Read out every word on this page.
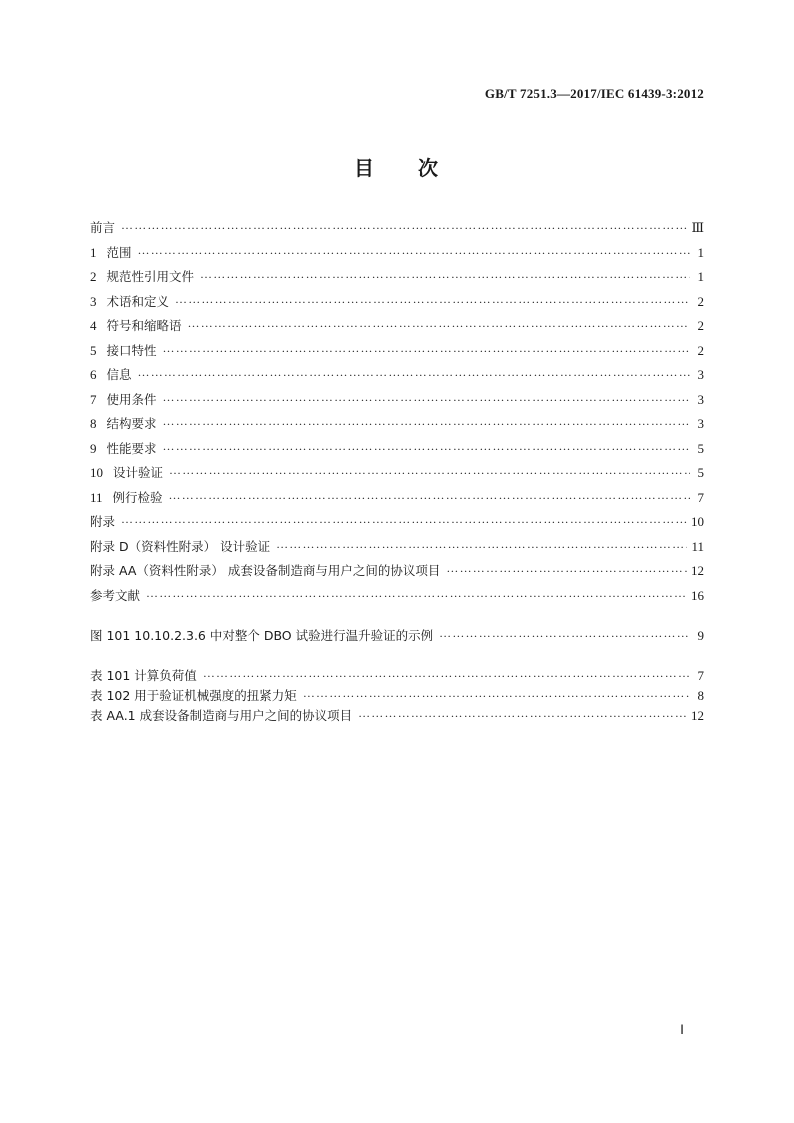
GB/T 7251.3—2017/IEC 61439-3:2012
目 次
前言 …………………………………………………………………………………………………………………………………………………………………………………………………	Ⅲ
1 范围 …………………………………………………………………………………………………………………………………………………………………………………………………	1
2 规范性引用文件 …………………………………………………………………………………………………………………………………………………………………………………………………	1
3 术语和定义 …………………………………………………………………………………………………………………………………………………………………………………………………	2
4 符号和缩略语 …………………………………………………………………………………………………………………………………………………………………………………………………	2
5 接口特性 …………………………………………………………………………………………………………………………………………………………………………………………………	2
6 信息 …………………………………………………………………………………………………………………………………………………………………………………………………	3
7 使用条件 …………………………………………………………………………………………………………………………………………………………………………………………………	3
8 结构要求 …………………………………………………………………………………………………………………………………………………………………………………………………	3
9 性能要求 …………………………………………………………………………………………………………………………………………………………………………………………………	5
10 设计验证 …………………………………………………………………………………………………………………………………………………………………………………………………	5
11 例行检验 …………………………………………………………………………………………………………………………………………………………………………………………………	7
附录 …………………………………………………………………………………………………………………………………………………………………………………………………	10
附录 D（资料性附录） 设计验证 …………………………………………………………………………………………………………………………………………………………………………………………………	11
附录 AA（资料性附录） 成套设备制造商与用户之间的协议项目 …………………………………………………………………………………………………………………………………………………………………………………………………	12
参考文献 …………………………………………………………………………………………………………………………………………………………………………………………………	16
图 101 10.10.2.3.6 中对整个 DBO 试验进行温升验证的示例 …………………………………………………………………………………………………………………………………………………………………………………………………	9
表 101 计算负荷值 …………………………………………………………………………………………………………………………………………………………………………………………………	7
表 102 用于验证机械强度的扭紧力矩 …………………………………………………………………………………………………………………………………………………………………………………………………	8
表 AA.1 成套设备制造商与用户之间的协议项目 …………………………………………………………………………………………………………………………………………………………………………………………………	12
Ⅰ
